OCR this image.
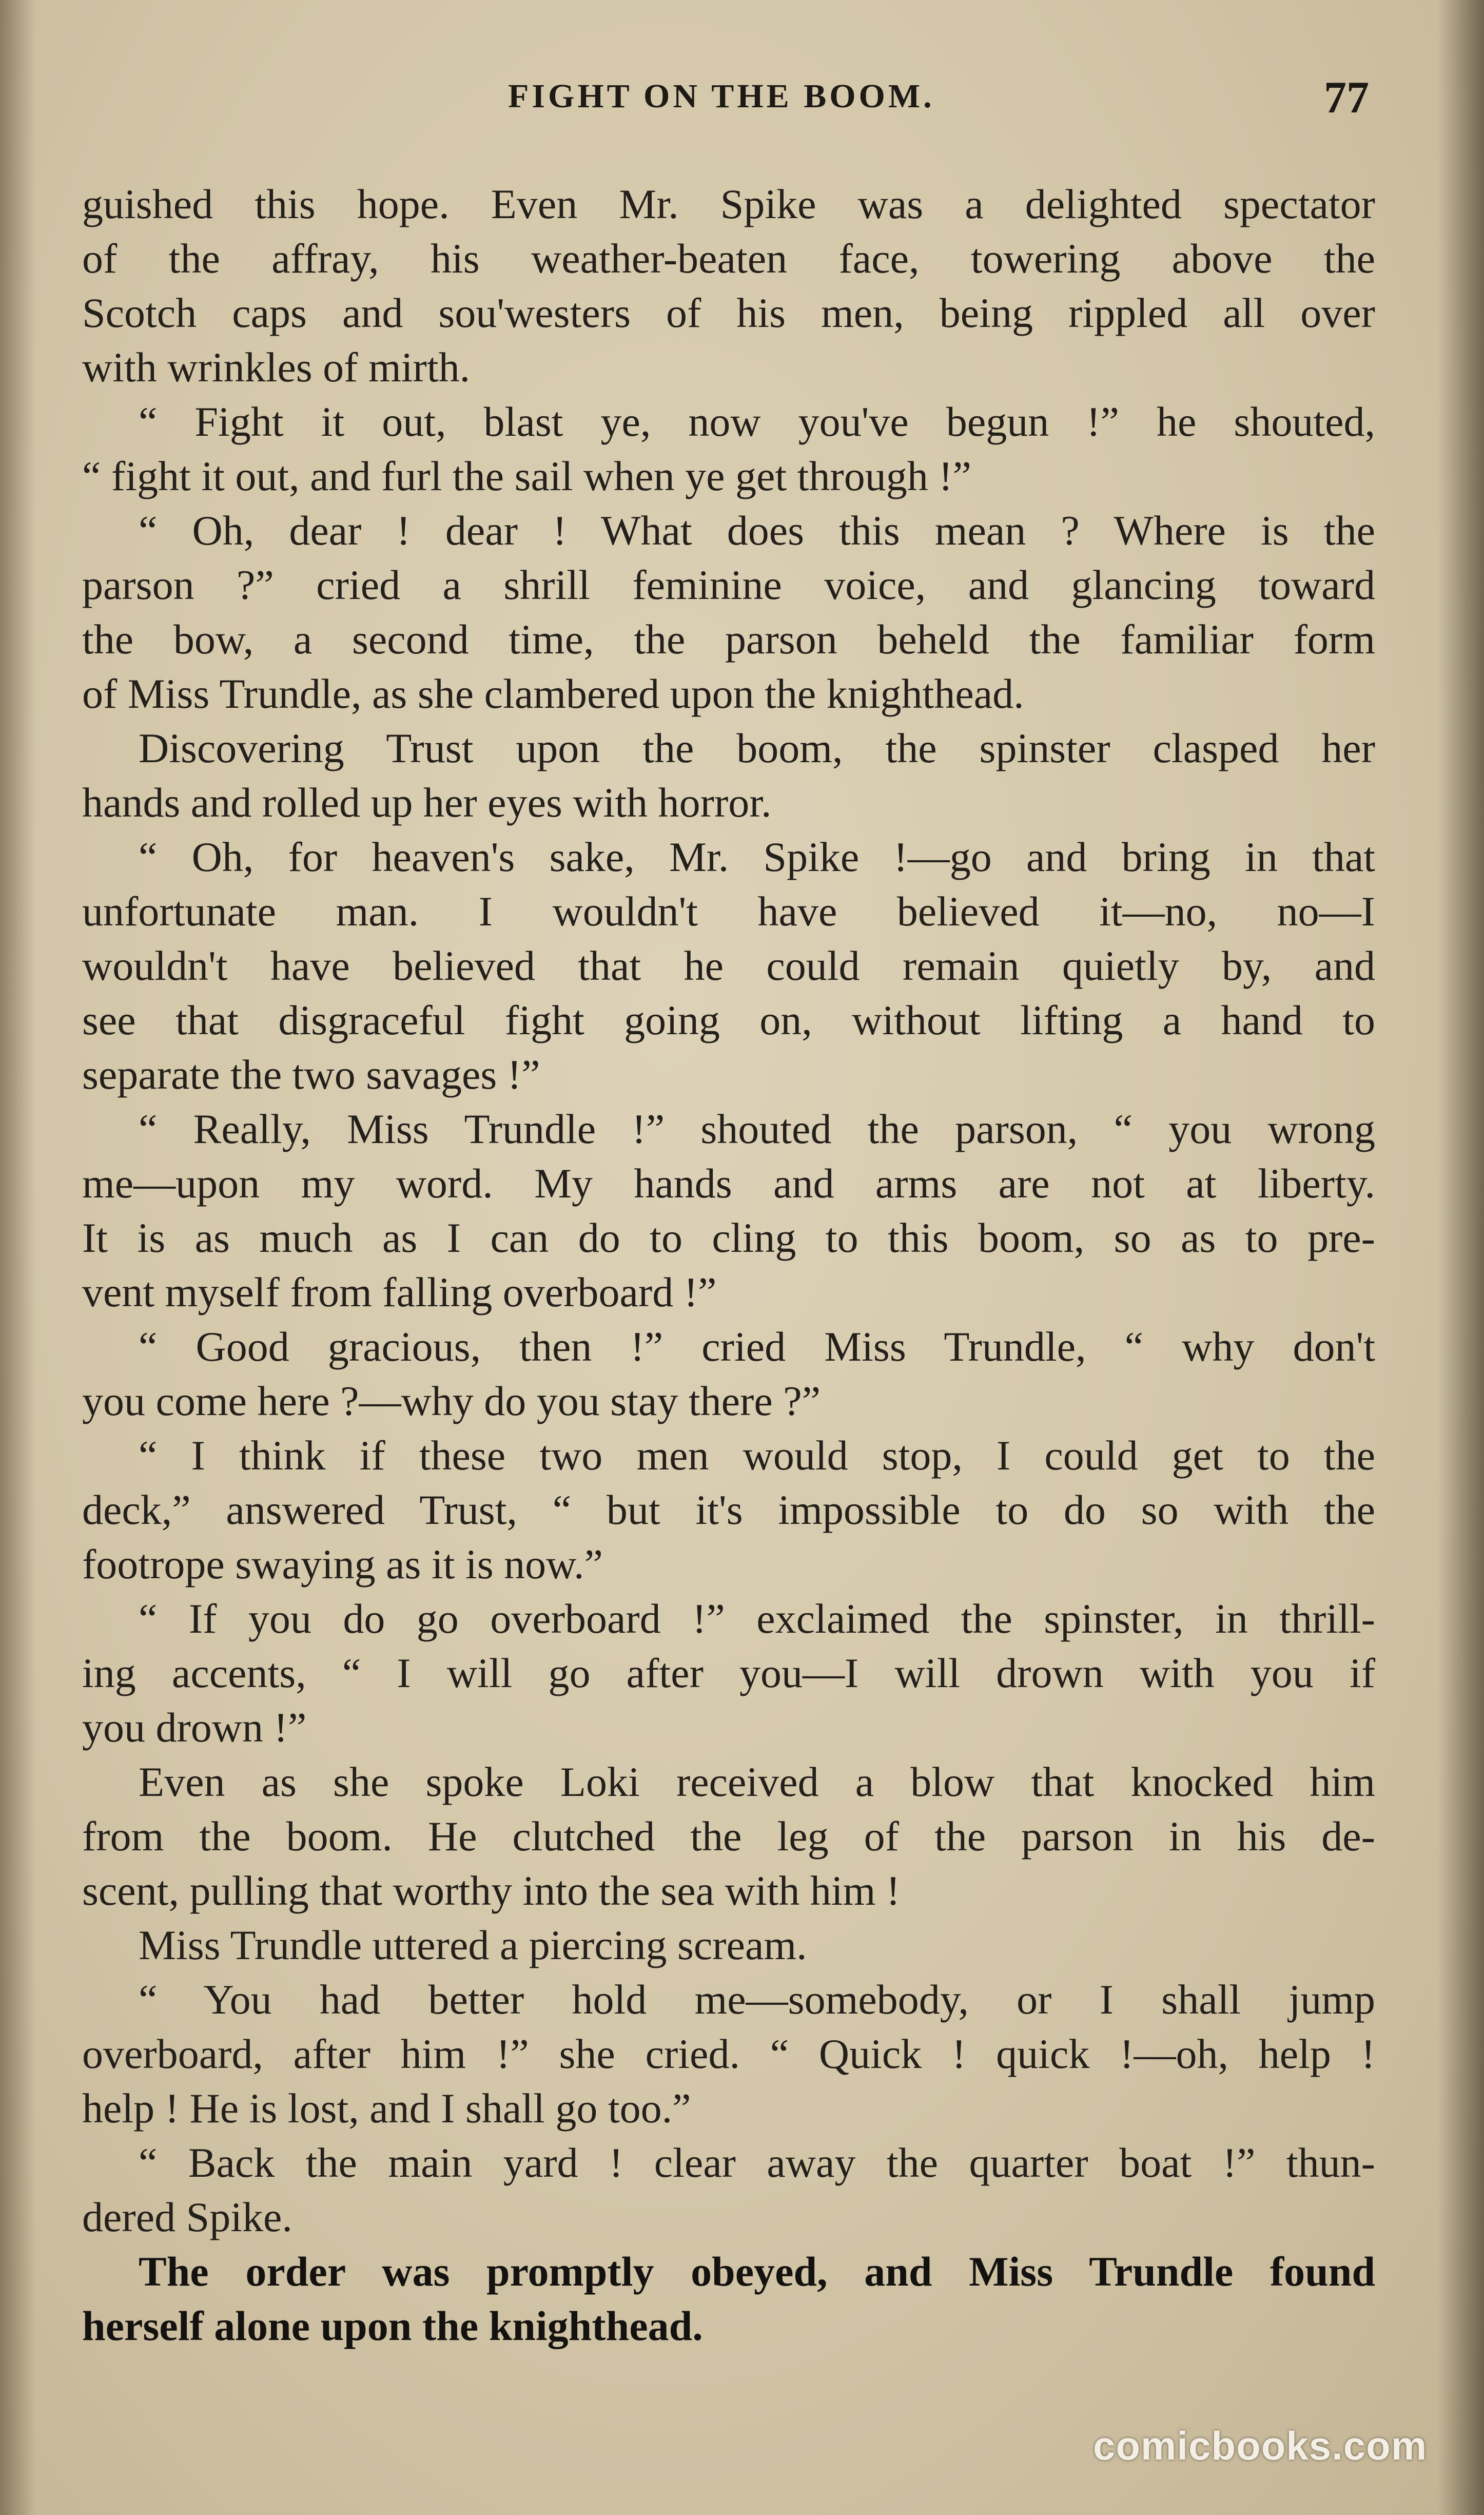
FIGHT ON THE BOOM.	77
guished this hope. Even Mr. Spike was a delighted spectator
of the affray, his weather-beaten face, towering above the
Scotch caps and sou'westers of his men, being rippled all over
with wrinkles of mirth.
“ Fight it out, blast ye, now you've begun !” he shouted,
“ fight it out, and furl the sail when ye get through !”
“ Oh, dear ! dear ! What does this mean ? Where is the
parson ?” cried a shrill feminine voice, and glancing toward
the bow, a second time, the parson beheld the familiar form
of Miss Trundle, as she clambered upon the knighthead.
Discovering Trust upon the boom, the spinster clasped her
hands and rolled up her eyes with horror.
“ Oh, for heaven's sake, Mr. Spike !—go and bring in that
unfortunate man. I wouldn't have believed it—no, no—I
wouldn't have believed that he could remain quietly by, and
see that disgraceful fight going on, without lifting a hand to
separate the two savages !”
“ Really, Miss Trundle !” shouted the parson, “ you wrong
me—upon my word. My hands and arms are not at liberty.
It is as much as I can do to cling to this boom, so as to pre-
vent myself from falling overboard !”
“ Good gracious, then !” cried Miss Trundle, “ why don't
you come here ?—why do you stay there ?”
“ I think if these two men would stop, I could get to the
deck,” answered Trust, “ but it's impossible to do so with the
footrope swaying as it is now.”
“ If you do go overboard !” exclaimed the spinster, in thrill-
ing accents, “ I will go after you—I will drown with you if
you drown !”
Even as she spoke Loki received a blow that knocked him
from the boom. He clutched the leg of the parson in his de-
scent, pulling that worthy into the sea with him !
Miss Trundle uttered a piercing scream.
“ You had better hold me—somebody, or I shall jump
overboard, after him !” she cried. “ Quick ! quick !—oh, help !
help ! He is lost, and I shall go too.”
“ Back the main yard ! clear away the quarter boat !” thun-
dered Spike.
The order was promptly obeyed, and Miss Trundle found
herself alone upon the knighthead.
comicbooks.com
